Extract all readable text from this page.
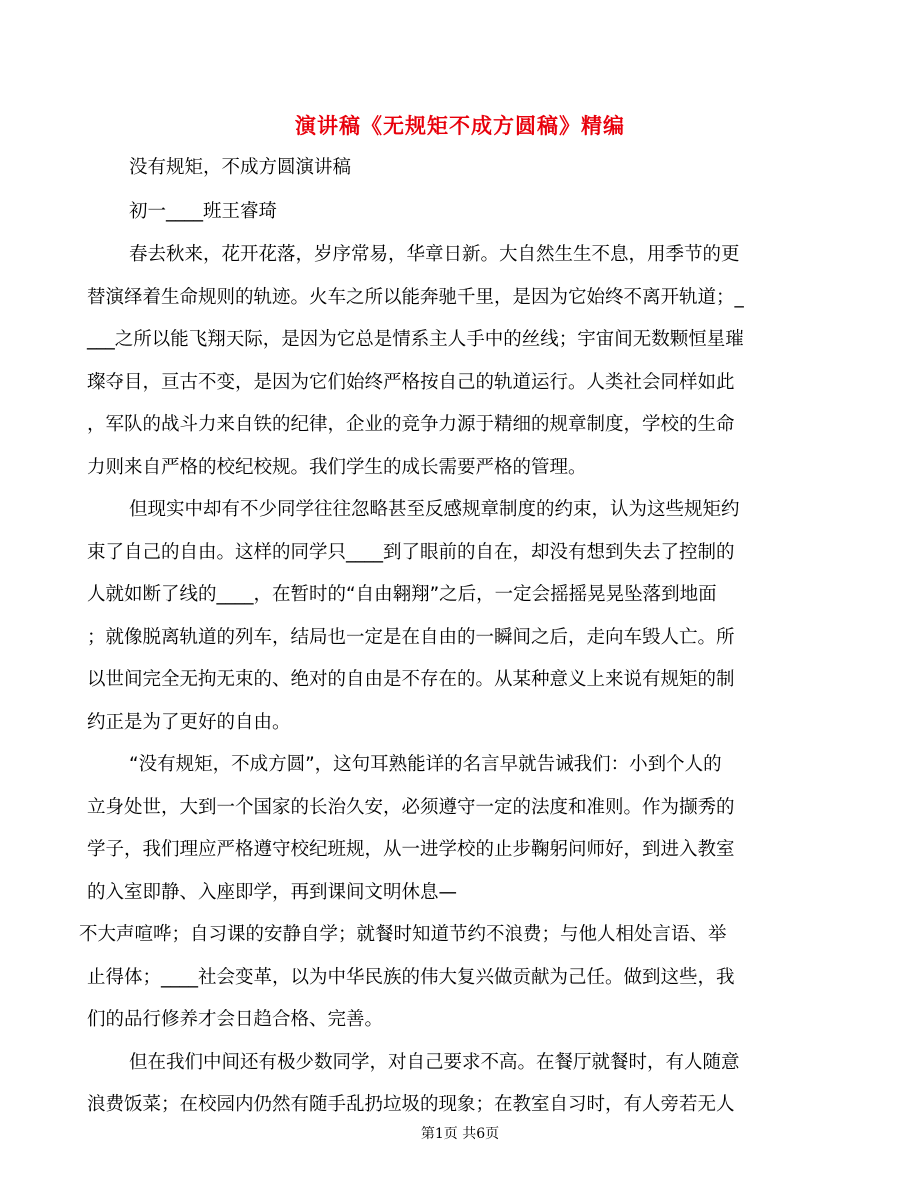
演讲稿《无规矩不成方圆稿》精编
没有规矩，不成方圆演讲稿
初一____班王睿琦
春去秋来，花开花落，岁序常易，华章日新。大自然生生不息，用季节的更
替演绎着生命规则的轨迹。火车之所以能奔驰千里，是因为它始终不离开轨道；_
___之所以能飞翔天际，是因为它总是情系主人手中的丝线；宇宙间无数颗恒星璀
璨夺目，亘古不变，是因为它们始终严格按自己的轨道运行。人类社会同样如此
，军队的战斗力来自铁的纪律，企业的竞争力源于精细的规章制度，学校的生命
力则来自严格的校纪校规。我们学生的成长需要严格的管理。
但现实中却有不少同学往往忽略甚至反感规章制度的约束，认为这些规矩约
束了自己的自由。这样的同学只____到了眼前的自在，却没有想到失去了控制的
人就如断了线的____，在暂时的“自由翱翔”之后，一定会摇摇晃晃坠落到地面
；就像脱离轨道的列车，结局也一定是在自由的一瞬间之后，走向车毁人亡。所
以世间完全无拘无束的、绝对的自由是不存在的。从某种意义上来说有规矩的制
约正是为了更好的自由。
“没有规矩，不成方圆”，这句耳熟能详的名言早就告诫我们：小到个人的
立身处世，大到一个国家的长治久安，必须遵守一定的法度和准则。作为撷秀的
学子，我们理应严格遵守校纪班规，从一进学校的止步鞠躬问师好，到进入教室
的入室即静、入座即学，再到课间文明休息—
不大声喧哗；自习课的安静自学；就餐时知道节约不浪费；与他人相处言语、举
止得体；____社会变革，以为中华民族的伟大复兴做贡献为己任。做到这些，我
们的品行修养才会日趋合格、完善。
但在我们中间还有极少数同学，对自己要求不高。在餐厅就餐时，有人随意
浪费饭菜；在校园内仍然有随手乱扔垃圾的现象；在教室自习时，有人旁若无人
第1页 共6页
